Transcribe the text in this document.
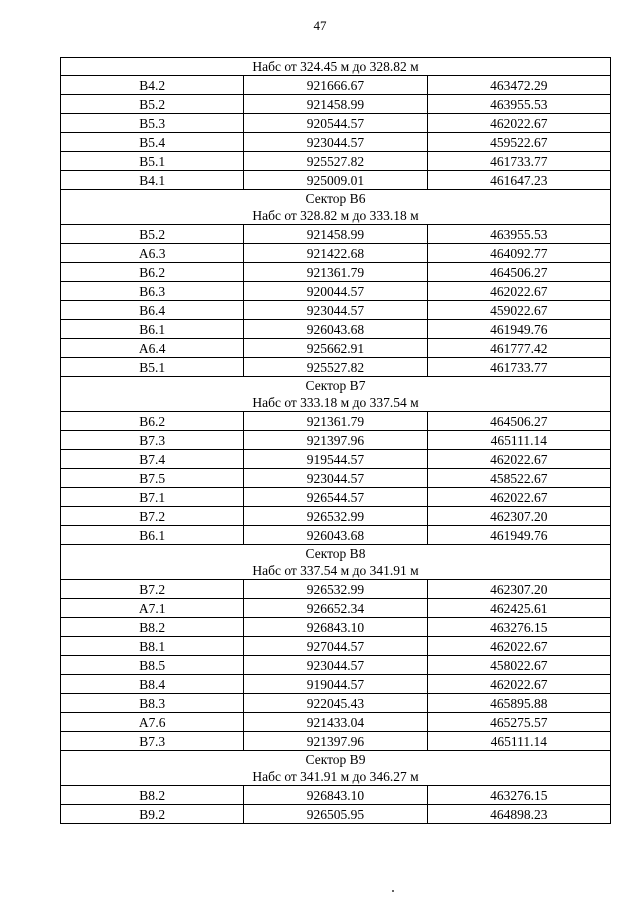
47
Набс от 324.45 м до 328.82 м		

B4.2	921666.67	463472.29
B5.2	921458.99	463955.53
B5.3	920544.57	462022.67
B5.4	923044.57	459522.67
B5.1	925527.82	461733.77
B4.1	925009.01	461647.23

Сектор B6
Набс от 328.82 м до 333.18 м		

B5.2	921458.99	463955.53
A6.3	921422.68	464092.77
B6.2	921361.79	464506.27
B6.3	920044.57	462022.67
B6.4	923044.57	459022.67
B6.1	926043.68	461949.76
A6.4	925662.91	461777.42
B5.1	925527.82	461733.77

Сектор B7
Набс от 333.18 м до 337.54 м		

B6.2	921361.79	464506.27
B7.3	921397.96	465111.14
B7.4	919544.57	462022.67
B7.5	923044.57	458522.67
B7.1	926544.57	462022.67
B7.2	926532.99	462307.20
B6.1	926043.68	461949.76

Сектор B8
Набс от 337.54 м до 341.91 м		

B7.2	926532.99	462307.20
A7.1	926652.34	462425.61
B8.2	926843.10	463276.15
B8.1	927044.57	462022.67
B8.5	923044.57	458022.67
B8.4	919044.57	462022.67
B8.3	922045.43	465895.88
A7.6	921433.04	465275.57
B7.3	921397.96	465111.14

Сектор B9
Набс от 341.91 м до 346.27 м		

B8.2	926843.10	463276.15
B9.2	926505.95	464898.23
